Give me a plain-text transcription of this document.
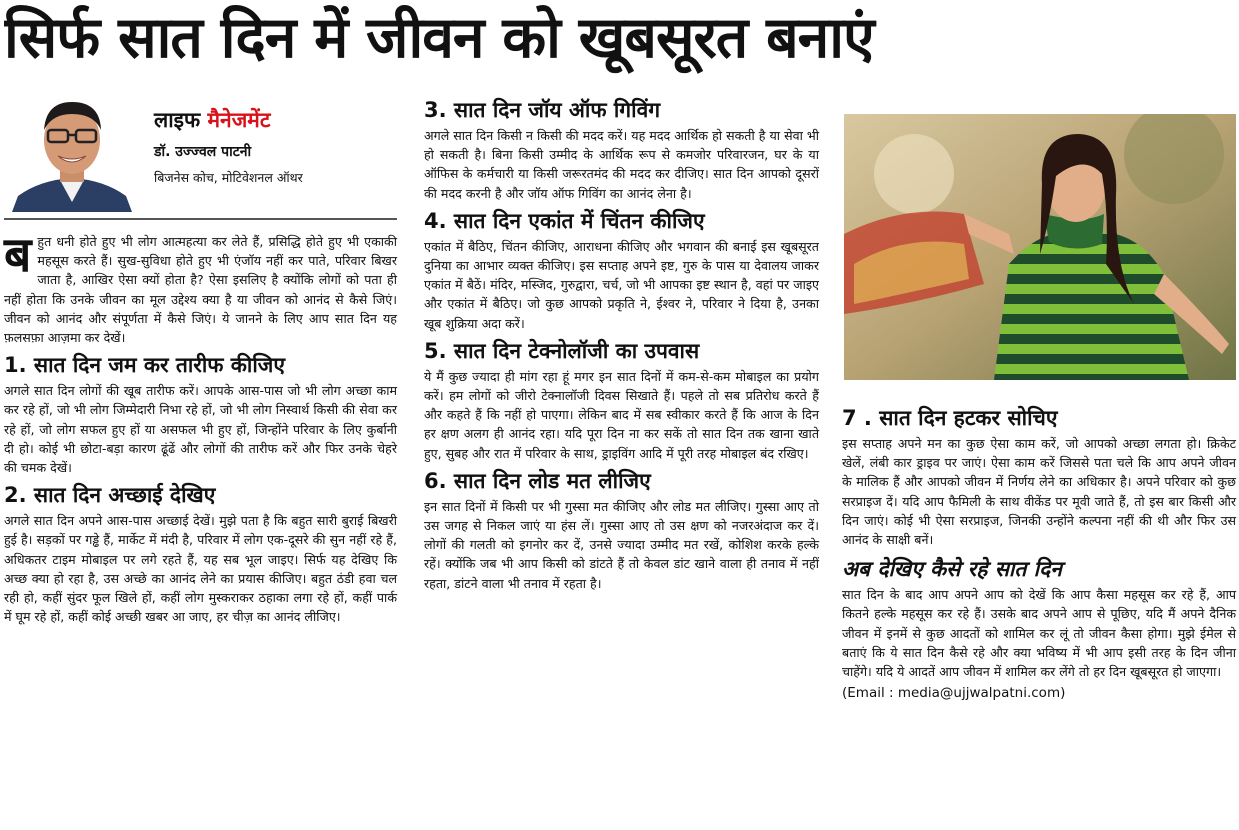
सिर्फ सात दिन में जीवन को खूबसूरत बनाएं
लाइफ मैनेजमेंट
डॉ. उज्ज्वल पाटनी
बिजनेस कोच, मोटिवेशनल ऑथर

बहुत धनी होते हुए भी लोग आत्महत्या कर लेते हैं, प्रसिद्धि होते हुए भी एकाकी महसूस करते हैं। सुख-सुविधा होते हुए भी एंजॉय नहीं कर पाते, परिवार बिखर जाता है, आखिर ऐसा क्यों होता है? ऐसा इसलिए है क्योंकि लोगों को पता ही नहीं होता कि उनके जीवन का मूल उद्देश्य क्या है या जीवन को आनंद से कैसे जिएं। जीवन को आनंद और संपूर्णता में कैसे जिएं। ये जानने के लिए आप सात दिन यह फ़लसफ़ा आज़मा कर देखें।

1. सात दिन जम कर तारीफ कीजिए

अगले सात दिन लोगों की खूब तारीफ करें। आपके आस-पास जो भी लोग अच्छा काम कर रहे हों, जो भी लोग जिम्मेदारी निभा रहे हों, जो भी लोग निस्वार्थ किसी की सेवा कर रहे हों, जो लोग सफल हुए हों या असफल भी हुए हों, जिन्होंने परिवार के लिए कुर्बानी दी हो। कोई भी छोटा-बड़ा कारण ढूंढें और लोगों की तारीफ करें और फिर उनके चेहरे की चमक देखें।

2. सात दिन अच्छाई देखिए

अगले सात दिन अपने आस-पास अच्छाई देखें। मुझे पता है कि बहुत सारी बुराई बिखरी हुई है। सड़कों पर गड्ढे हैं, मार्केट में मंदी है, परिवार में लोग एक-दूसरे की सुन नहीं रहे हैं, अधिकतर टाइम मोबाइल पर लगे रहते हैं, यह सब भूल जाइए। सिर्फ यह देखिए कि अच्छ क्या हो रहा है, उस अच्छे का आनंद लेने का प्रयास कीजिए। बहुत ठंडी हवा चल रही हो, कहीं सुंदर फूल खिले हों, कहीं लोग मुस्कराकर ठहाका लगा रहे हों, कहीं पार्क में घूम रहे हों, कहीं कोई अच्छी खबर आ जाए, हर चीज़ का आनंद लीजिए।

3. सात दिन जॉय ऑफ गिविंग

अगले सात दिन किसी न किसी की मदद करें। यह मदद आर्थिक हो सकती है या सेवा भी हो सकती है। बिना किसी उम्मीद के आर्थिक रूप से कमजोर परिवारजन, घर के या ऑफिस के कर्मचारी या किसी जरूरतमंद की मदद कर दीजिए। सात दिन आपको दूसरों की मदद करनी है और जॉय ऑफ गिविंग का आनंद लेना है।

4. सात दिन एकांत में चिंतन कीजिए

एकांत में बैठिए, चिंतन कीजिए, आराधना कीजिए और भगवान की बनाई इस खूबसूरत दुनिया का आभार व्यक्त कीजिए। इस सप्ताह अपने इष्ट, गुरु के पास या देवालय जाकर एकांत में बैठें। मंदिर, मस्जिद, गुरुद्वारा, चर्च, जो भी आपका इष्ट स्थान है, वहां पर जाइए और एकांत में बैठिए। जो कुछ आपको प्रकृति ने, ईश्वर ने, परिवार ने दिया है, उनका खूब शुक्रिया अदा करें।

5. सात दिन टेक्नोलॉजी का उपवास

ये मैं कुछ ज्यादा ही मांग रहा हूं मगर इन सात दिनों में कम-से-कम मोबाइल का प्रयोग करें। हम लोगों को जीरो टेक्नालॉजी दिवस सिखाते हैं। पहले तो सब प्रतिरोध करते हैं और कहते हैं कि नहीं हो पाएगा। लेकिन बाद में सब स्वीकार करते हैं कि आज के दिन हर क्षण अलग ही आनंद रहा। यदि पूरा दिन ना कर सकें तो सात दिन तक खाना खाते हुए, सुबह और रात में परिवार के साथ, ड्राइविंग आदि में पूरी तरह मोबाइल बंद रखिए।

6. सात दिन लोड मत लीजिए

इन सात दिनों में किसी पर भी गुस्सा मत कीजिए और लोड मत लीजिए। गुस्सा आए तो उस जगह से निकल जाएं या हंस लें। गुस्सा आए तो उस क्षण को नजरअंदाज कर दें। लोगों की गलती को इगनोर कर दें, उनसे ज्यादा उम्मीद मत रखें, कोशिश करके हल्के रहें। क्योंकि जब भी आप किसी को डांटते हैं तो केवल डांट खाने वाला ही तनाव में नहीं रहता, डांटने वाला भी तनाव में रहता है।

7 . सात दिन हटकर सोचिए

इस सप्ताह अपने मन का कुछ ऐसा काम करें, जो आपको अच्छा लगता हो। क्रिकेट खेलें, लंबी कार ड्राइव पर जाएं। ऐसा काम करें जिससे पता चले कि आप अपने जीवन के मालिक हैं और आपको जीवन में निर्णय लेने का अधिकार है। अपने परिवार को कुछ सरप्राइज दें। यदि आप फैमिली के साथ वीकेंड पर मूवी जाते हैं, तो इस बार किसी और दिन जाएं। कोई भी ऐसा सरप्राइज, जिनकी उन्होंने कल्पना नहीं की थी और फिर उस आनंद के साक्षी बनें।

अब देखिए कैसे रहे सात दिन

सात दिन के बाद आप अपने आप को देखें कि आप कैसा महसूस कर रहे हैं, आप कितने हल्के महसूस कर रहे हैं। उसके बाद अपने आप से पूछिए, यदि मैं अपने दैनिक जीवन में इनमें से कुछ आदतों को शामिल कर लूं तो जीवन कैसा होगा। मुझे ईमेल से बताएं कि ये सात दिन कैसे रहे और क्या भविष्य में भी आप इसी तरह के दिन जीना चाहेंगे। यदि ये आदतें आप जीवन में शामिल कर लेंगे तो हर दिन खूबसूरत हो जाएगा।

(Email : media@ujjwalpatni.com)
